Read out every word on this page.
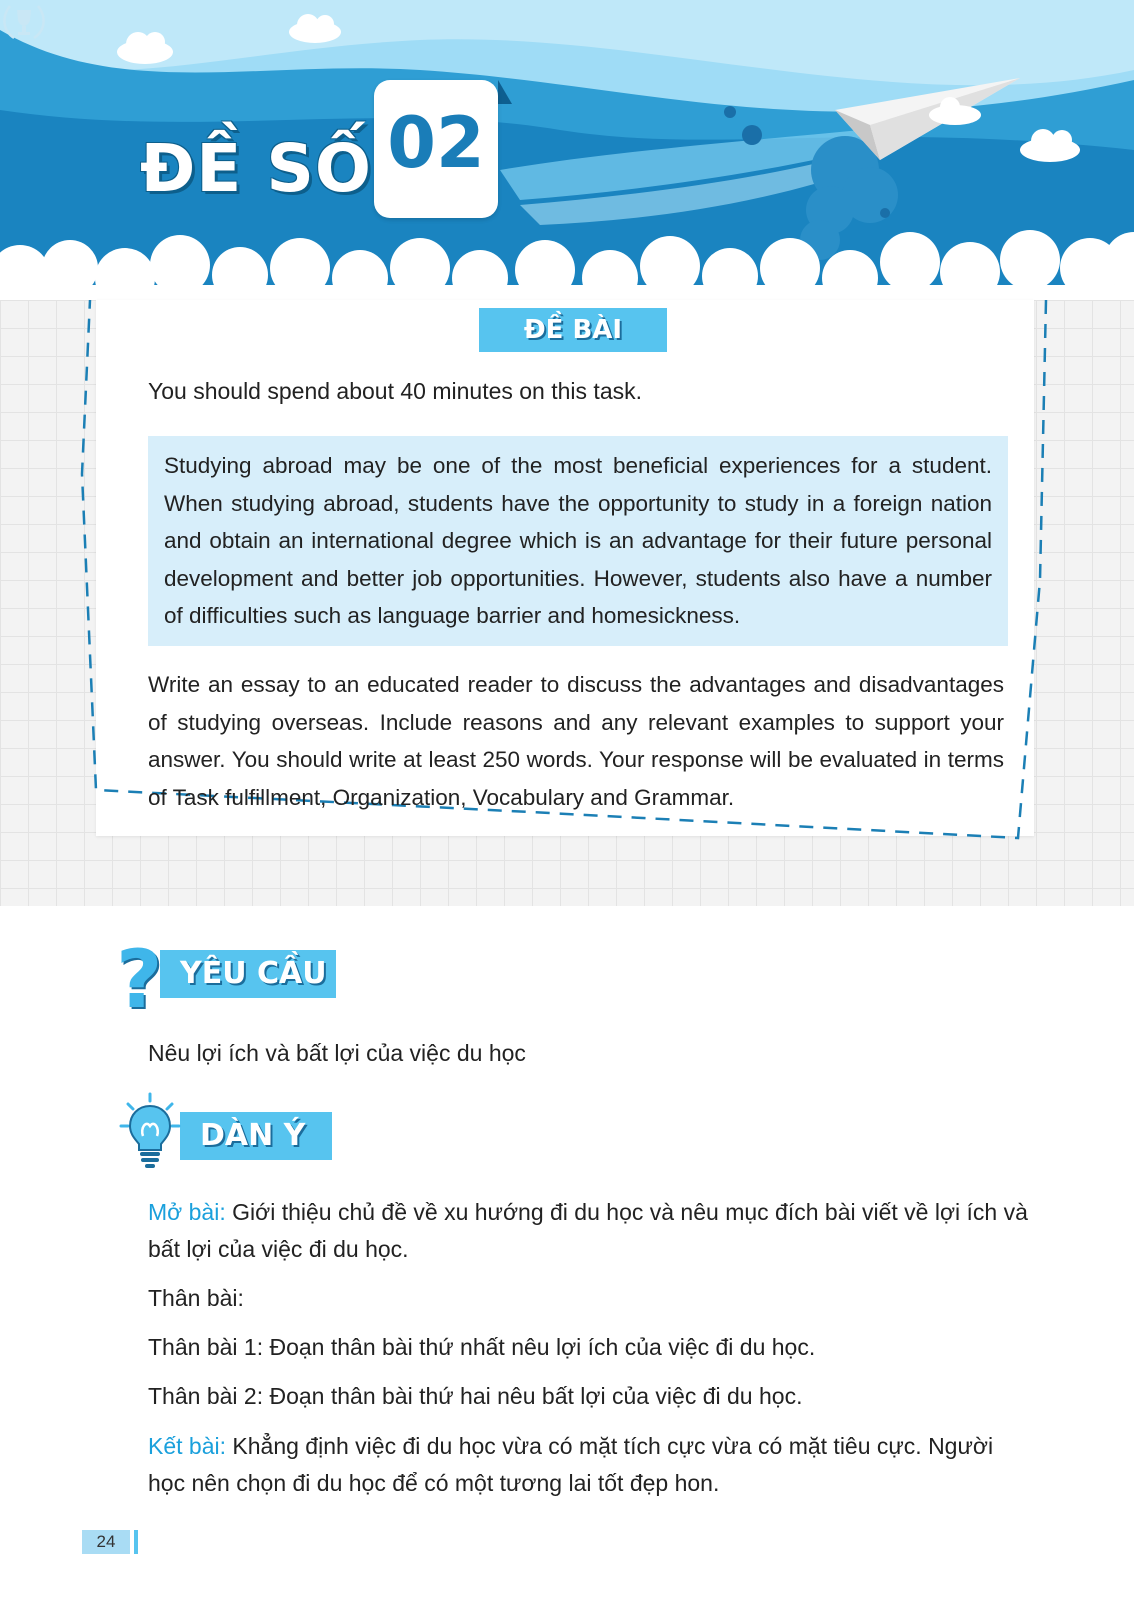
ĐỀ SỐ 02
ĐỀ BÀI
You should spend about 40 minutes on this task.

Studying abroad may be one of the most beneficial experiences for a student. When studying abroad, students have the opportunity to study in a foreign nation and obtain an international degree which is an advantage for their future personal development and better job opportunities. However, students also have a number of difficulties such as language barrier and homesickness.

Write an essay to an educated reader to discuss the advantages and disadvantages of studying overseas. Include reasons and any relevant examples to support your answer. You should write at least 250 words. Your response will be evaluated in terms of Task fulfillment, Organization, Vocabulary and Grammar.

YÊU CẦU
?
Nêu lợi ích và bất lợi của việc du học
DÀN Ý

Mở bài: Giới thiệu chủ đề về xu hướng đi du học và nêu mục đích bài viết về lợi ích và bất lợi của việc đi du học.

Thân bài:

Thân bài 1: Đoạn thân bài thứ nhất nêu lợi ích của việc đi du học.

Thân bài 2: Đoạn thân bài thứ hai nêu bất lợi của việc đi du học.

Kết bài: Khẳng định việc đi du học vừa có mặt tích cực vừa có mặt tiêu cực. Người học nên chọn đi du học để có một tương lai tốt đẹp hon.

24
